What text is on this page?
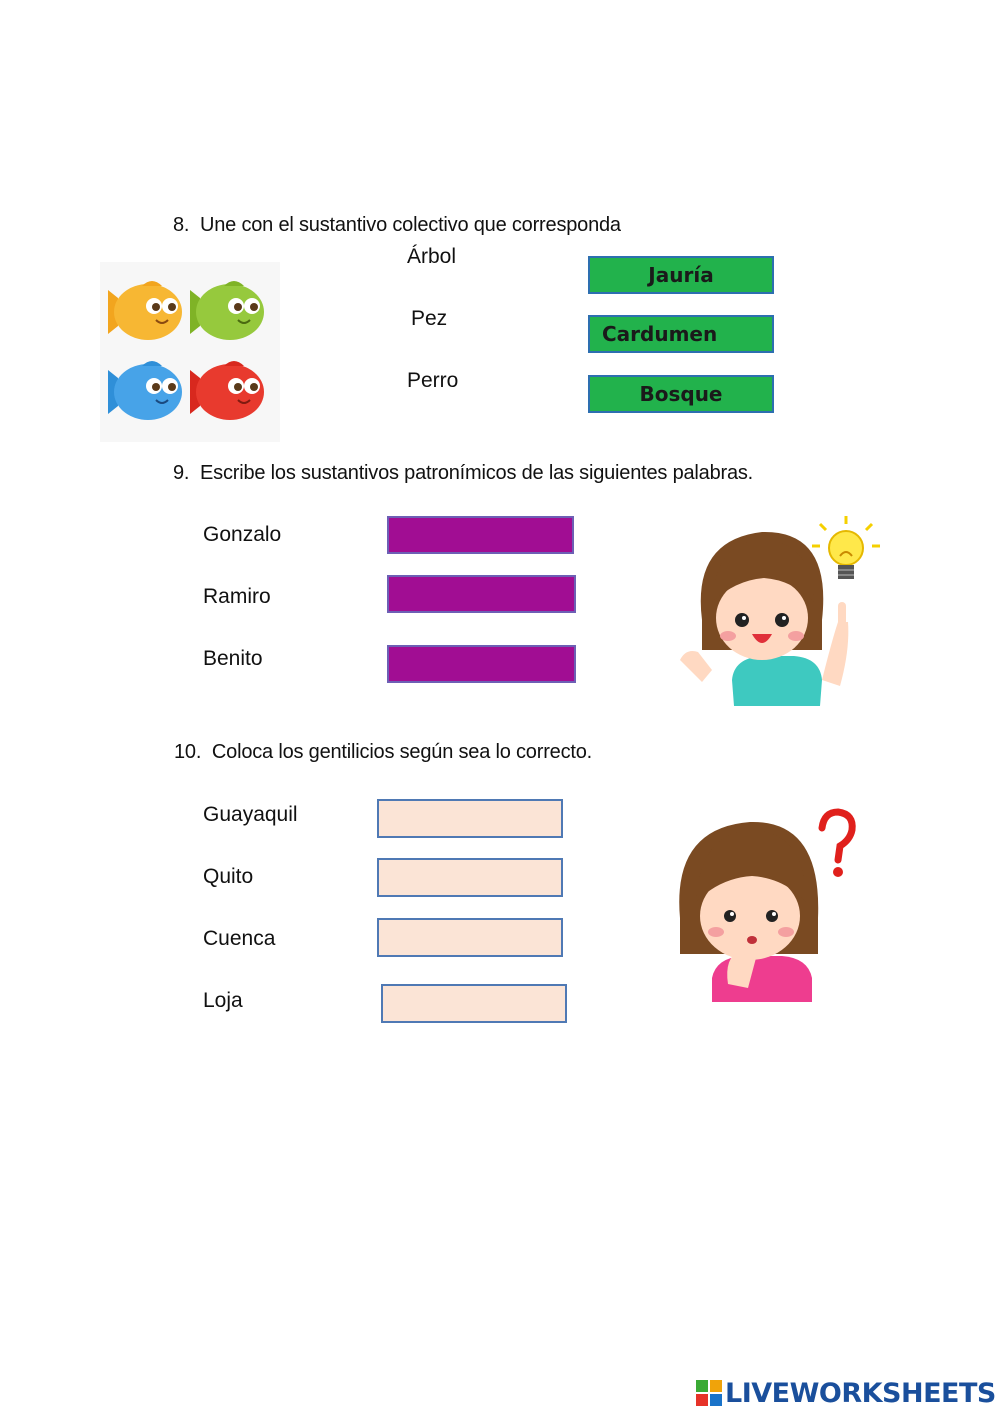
8. Une con el sustantivo colectivo que corresponda
Árbol
Pez
Perro
Jauría
Cardumen
Bosque
9. Escribe los sustantivos patronímicos de las siguientes palabras.
Gonzalo
Ramiro
Benito
10. Coloca los gentilicios según sea lo correcto.
Guayaquil
Quito
Cuenca
Loja
LIVEWORKSHEETS
